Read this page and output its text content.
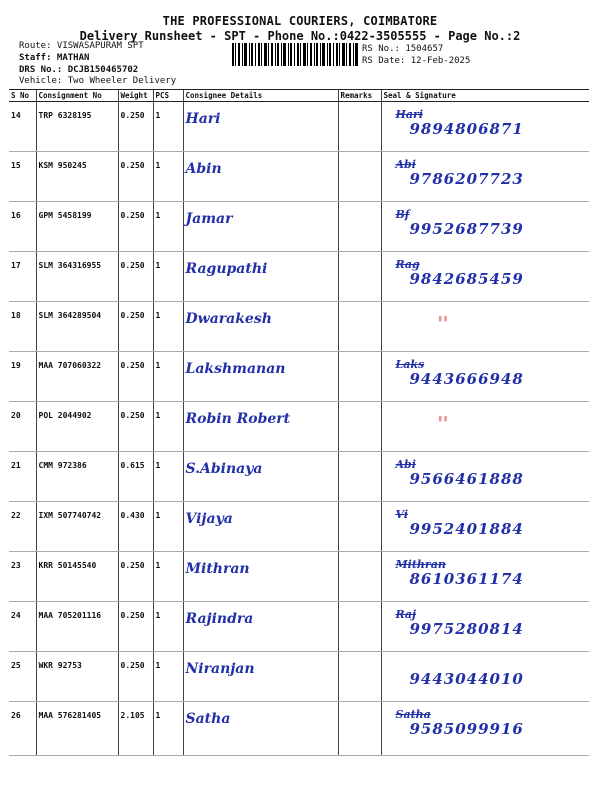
THE PROFESSIONAL COURIERS, COIMBATORE
Delivery Runsheet - SPT - Phone No.:0422-3505555 - Page No.:2
Route: VISWASAPURAM SPT
Staff: MATHAN
DRS No.: DCJB150465702
Vehicle: Two Wheeler Delivery
RS No.: 1504657
RS Date: 12-Feb-2025
S No	Consignment No	Weight	PCS	Consignee Details	Remarks	Seal & Signature
14	TRP 6328195	0.250	1	Hari		Hari
9894806871

15	KSM 950245	0.250	1	Abin		Abi
9786207723

16	GPM 5458199	0.250	1	Jamar		Bf
9952687739

17	SLM 364316955	0.250	1	Ragupathi		Rag
9842685459

18	SLM 364289504	0.250	1	Dwarakesh		▮▮

19	MAA 707060322	0.250	1	Lakshmanan		Laks
9443666948

20	POL 2044902	0.250	1	Robin Robert		▮▮

21	CMM 972386	0.615	1	S.Abinaya		Abi
9566461888

22	IXM 507740742	0.430	1	Vijaya		Vi
9952401884

23	KRR 50145540	0.250	1	Mithran		Mithran
8610361174

24	MAA 705201116	0.250	1	Rajindra		Raj
9975280814

25	WKR 92753	0.250	1	Niranjan		9443044010

26	MAA 576281405	2.105	1	Satha		Satha
9585099916
